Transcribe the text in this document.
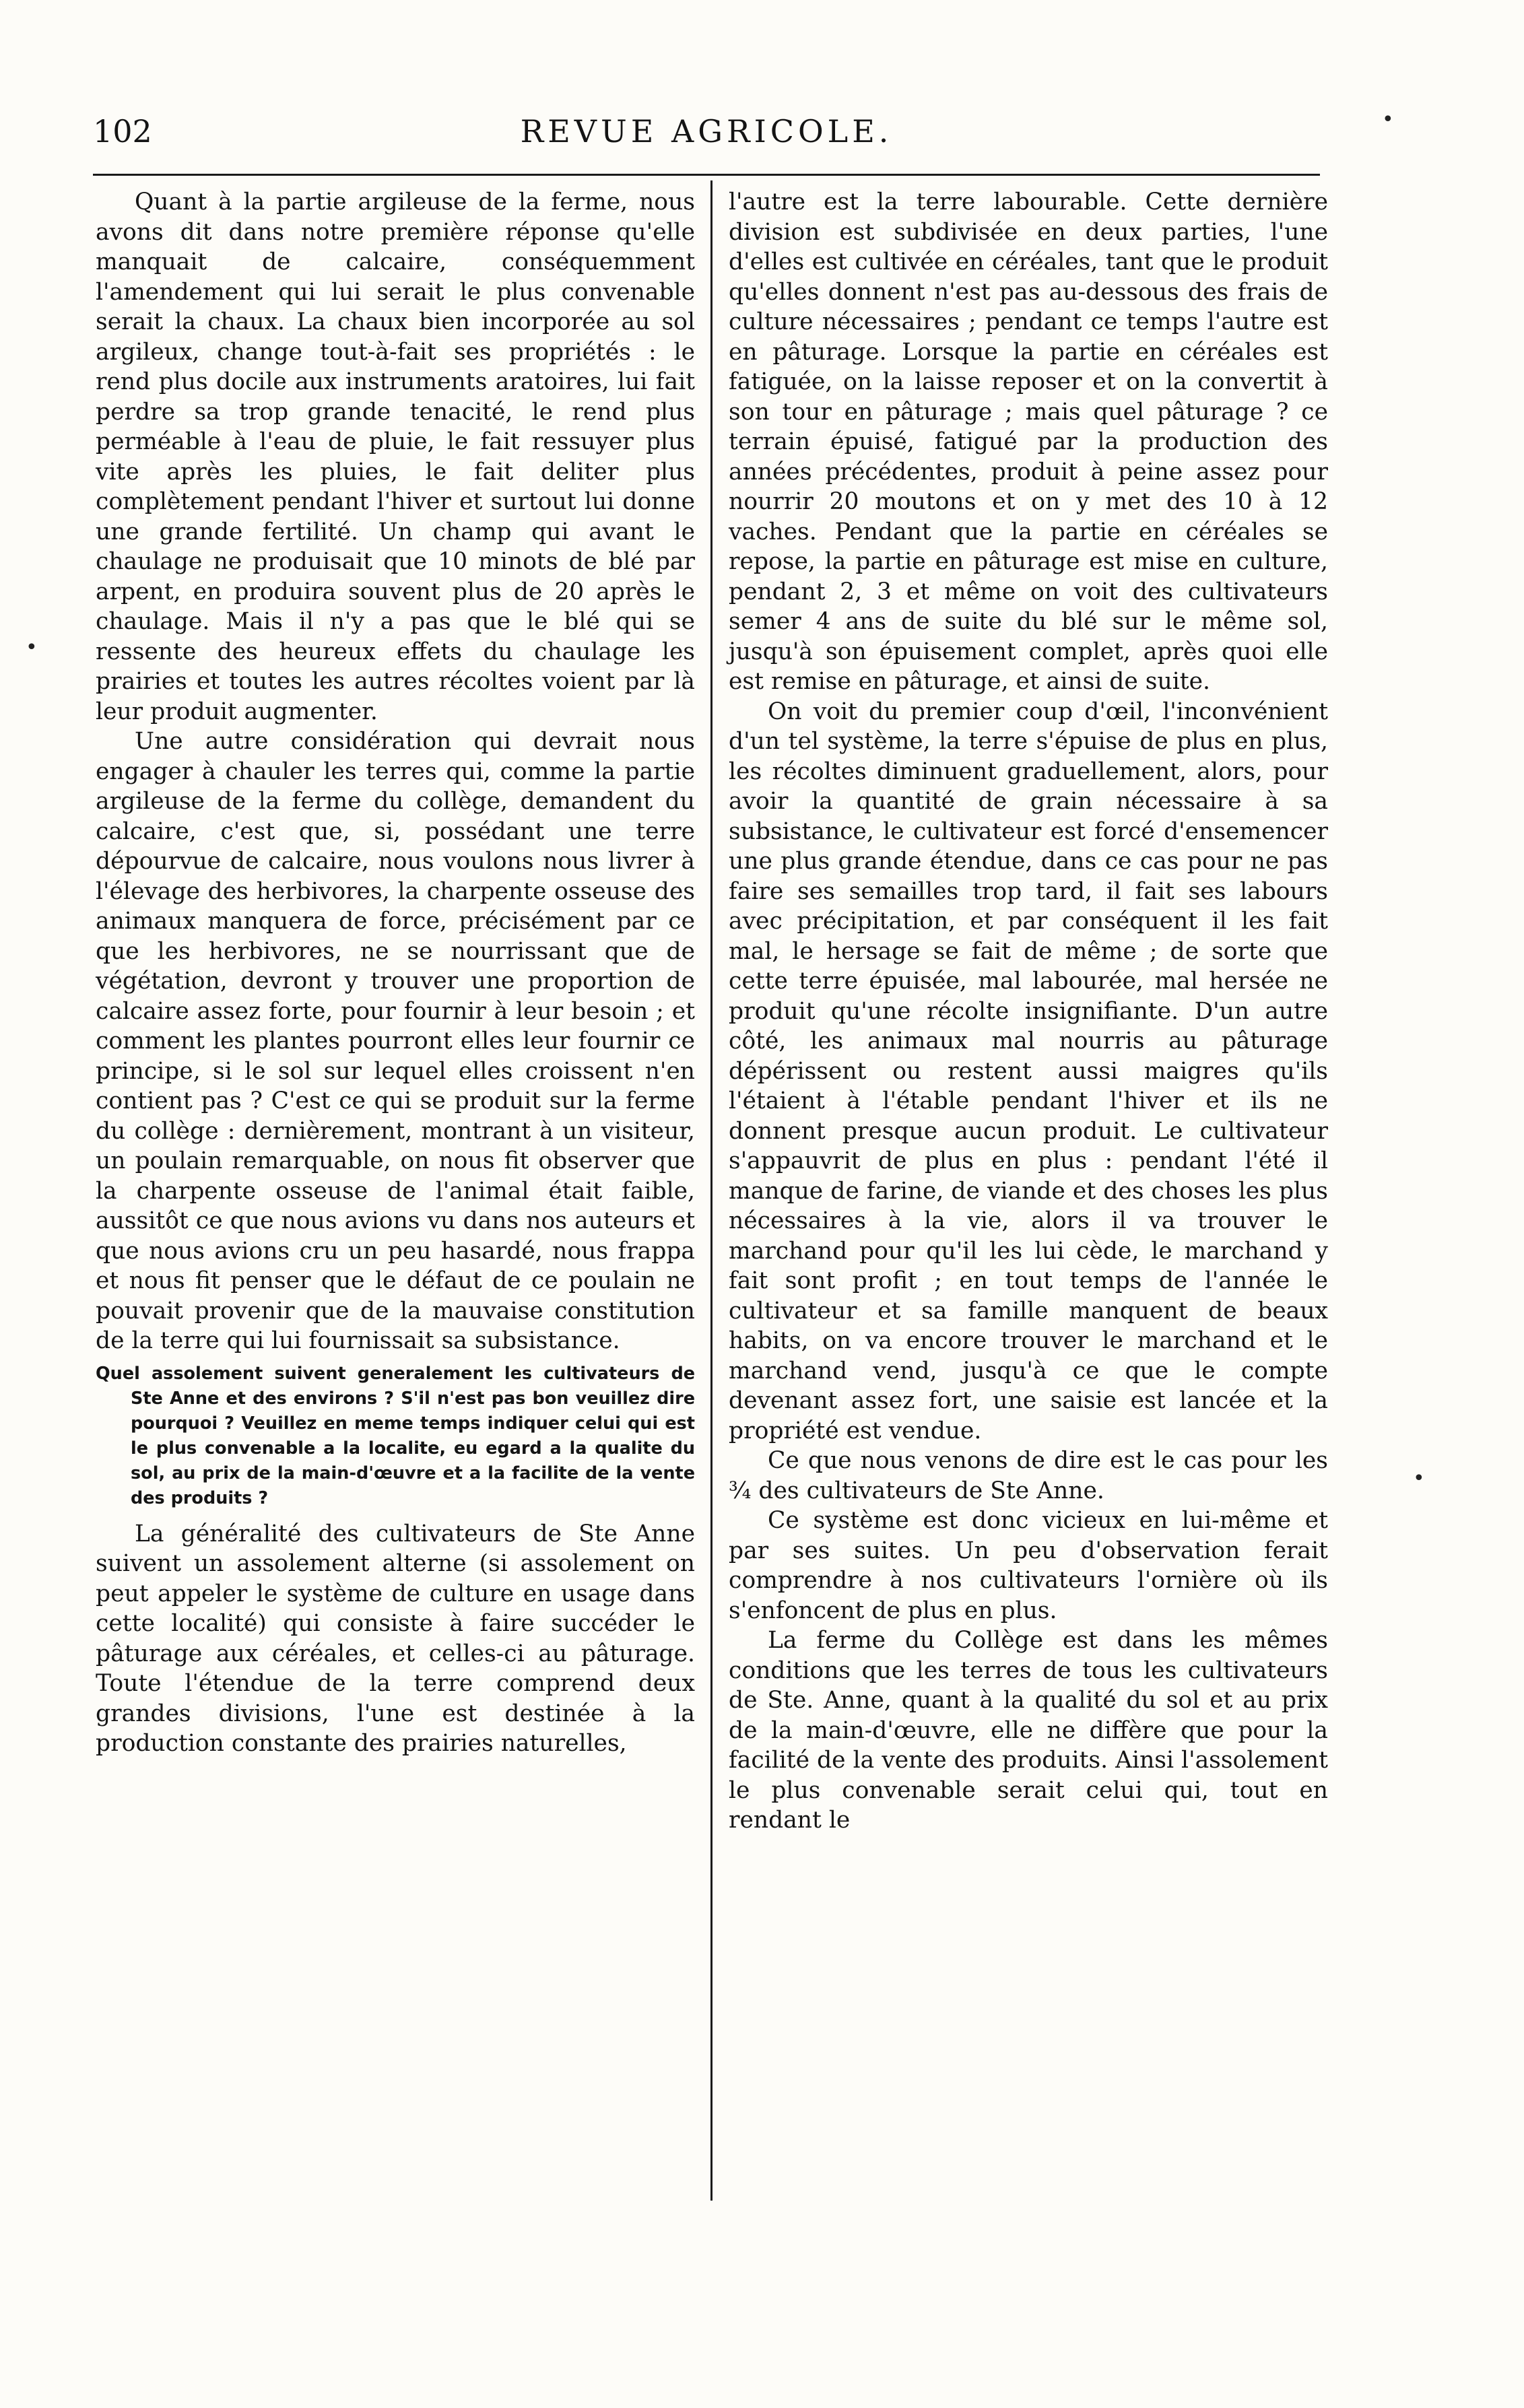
102	REVUE AGRICOLE.

Quant à la partie argileuse de la ferme, nous avons dit dans notre première réponse qu'elle manquait de calcaire, conséquemment l'amendement qui lui serait le plus convenable serait la chaux. La chaux bien incorporée au sol argileux, change tout-à-fait ses propriétés : le rend plus docile aux instruments aratoires, lui fait perdre sa trop grande tenacité, le rend plus perméable à l'eau de pluie, le fait ressuyer plus vite après les pluies, le fait deliter plus complètement pendant l'hiver et surtout lui donne une grande fertilité. Un champ qui avant le chaulage ne produisait que 10 minots de blé par arpent, en produira souvent plus de 20 après le chaulage. Mais il n'y a pas que le blé qui se ressente des heureux effets du chaulage les prairies et toutes les autres récoltes voient par là leur produit augmenter.

Une autre considération qui devrait nous engager à chauler les terres qui, comme la partie argileuse de la ferme du collège, demandent du calcaire, c'est que, si, possédant une terre dépourvue de calcaire, nous voulons nous livrer à l'élevage des herbivores, la charpente osseuse des animaux manquera de force, précisément par ce que les herbivores, ne se nourrissant que de végétation, devront y trouver une proportion de calcaire assez forte, pour fournir à leur besoin ; et comment les plantes pourront elles leur fournir ce principe, si le sol sur lequel elles croissent n'en contient pas ? C'est ce qui se produit sur la ferme du collège : dernièrement, montrant à un visiteur, un poulain remarquable, on nous fit observer que la charpente osseuse de l'animal était faible, aussitôt ce que nous avions vu dans nos auteurs et que nous avions cru un peu hasardé, nous frappa et nous fit penser que le défaut de ce poulain ne pouvait provenir que de la mauvaise constitution de la terre qui lui fournissait sa subsistance.

Quel assolement suivent generalement les cultivateurs de Ste Anne et des environs ? S'il n'est pas bon veuillez dire pourquoi ? Veuillez en meme temps indiquer celui qui est le plus convenable a la localite, eu egard a la qualite du sol, au prix de la main-d'œuvre et a la facilite de la vente des produits ?

La généralité des cultivateurs de Ste Anne suivent un assolement alterne (si assolement on peut appeler le système de culture en usage dans cette localité) qui consiste à faire succéder le pâturage aux céréales, et celles-ci au pâturage. Toute l'étendue de la terre comprend deux grandes divisions, l'une est destinée à la production constante des prairies naturelles,

l'autre est la terre labourable. Cette dernière division est subdivisée en deux parties, l'une d'elles est cultivée en céréales, tant que le produit qu'elles donnent n'est pas au-dessous des frais de culture nécessaires ; pendant ce temps l'autre est en pâturage. Lorsque la partie en céréales est fatiguée, on la laisse reposer et on la convertit à son tour en pâturage ; mais quel pâturage ? ce terrain épuisé, fatigué par la production des années précédentes, produit à peine assez pour nourrir 20 moutons et on y met des 10 à 12 vaches. Pendant que la partie en céréales se repose, la partie en pâturage est mise en culture, pendant 2, 3 et même on voit des cultivateurs semer 4 ans de suite du blé sur le même sol, jusqu'à son épuisement complet, après quoi elle est remise en pâturage, et ainsi de suite.

On voit du premier coup d'œil, l'inconvénient d'un tel système, la terre s'épuise de plus en plus, les récoltes diminuent graduellement, alors, pour avoir la quantité de grain nécessaire à sa subsistance, le cultivateur est forcé d'ensemencer une plus grande étendue, dans ce cas pour ne pas faire ses semailles trop tard, il fait ses labours avec précipitation, et par conséquent il les fait mal, le hersage se fait de même ; de sorte que cette terre épuisée, mal labourée, mal hersée ne produit qu'une récolte insignifiante. D'un autre côté, les animaux mal nourris au pâturage dépérissent ou restent aussi maigres qu'ils l'étaient à l'étable pendant l'hiver et ils ne donnent presque aucun produit. Le cultivateur s'appauvrit de plus en plus : pendant l'été il manque de farine, de viande et des choses les plus nécessaires à la vie, alors il va trouver le marchand pour qu'il les lui cède, le marchand y fait sont profit ; en tout temps de l'année le cultivateur et sa famille manquent de beaux habits, on va encore trouver le marchand et le marchand vend, jusqu'à ce que le compte devenant assez fort, une saisie est lancée et la propriété est vendue.

Ce que nous venons de dire est le cas pour les ¾ des cultivateurs de Ste Anne.

Ce système est donc vicieux en lui-même et par ses suites. Un peu d'observation ferait comprendre à nos cultivateurs l'ornière où ils s'enfoncent de plus en plus.

La ferme du Collège est dans les mêmes conditions que les terres de tous les cultivateurs de Ste. Anne, quant à la qualité du sol et au prix de la main-d'œuvre, elle ne diffère que pour la facilité de la vente des produits. Ainsi l'assolement le plus convenable serait celui qui, tout en rendant le

•
•
•
